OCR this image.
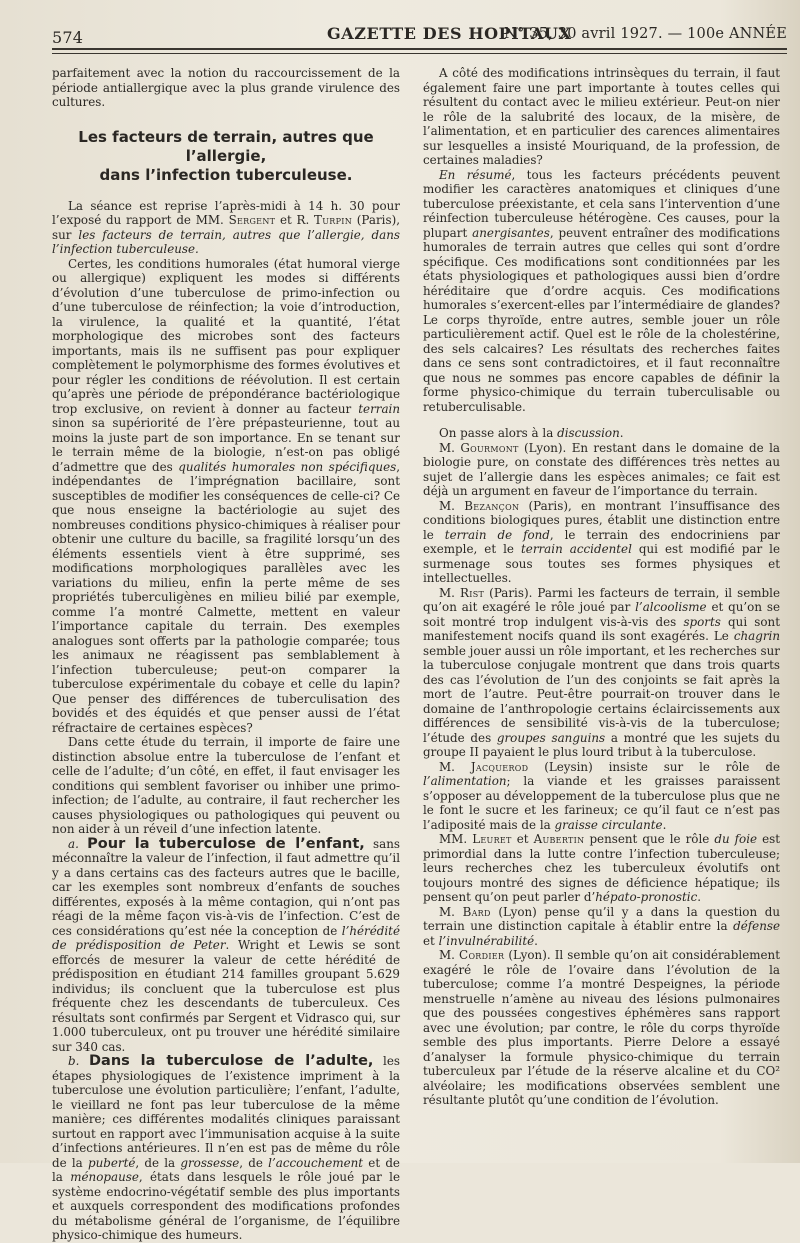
574	GAZETTE DES HOPITAUX
N° 35, 30 avril 1927. — 100e ANNÉE

parfaitement avec la notion du raccourcissement de la période antiallergique avec la plus grande virulence des cultures.

Les facteurs de terrain, autres que l’allergie,
dans l’infection tuberculeuse.

La séance est reprise l’après-midi à 14 h. 30 pour l’exposé du rapport de MM. Sergent et R. Turpin (Paris), sur les facteurs de terrain, autres que l’allergie, dans l’infection tuberculeuse.

Certes, les conditions humorales (état humoral vierge ou allergique) expliquent les modes si différents d’évolution d’une tuberculose de primo-infection ou d’une tuberculose de réinfection; la voie d’introduction, la virulence, la qualité et la quantité, l’état morphologique des microbes sont des facteurs importants, mais ils ne suffisent pas pour expliquer complètement le polymorphisme des formes évolutives et pour régler les conditions de réévolution. Il est certain qu’après une période de prépondérance bactériologique trop exclusive, on revient à donner au facteur terrain sinon sa supériorité de l’ère prépasteurienne, tout au moins la juste part de son importance. En se tenant sur le terrain même de la biologie, n’est-on pas obligé d’admettre que des qualités humorales non spécifiques, indépendantes de l’imprégnation bacillaire, sont susceptibles de modifier les conséquences de celle-ci? Ce que nous enseigne la bactériologie au sujet des nombreuses conditions physico-chimiques à réaliser pour obtenir une culture du bacille, sa fragilité lorsqu’un des éléments essentiels vient à être supprimé, ses modifications morphologiques parallèles avec les variations du milieu, enfin la perte même de ses propriétés tuberculigènes en milieu bilié par exemple, comme l’a montré Calmette, mettent en valeur l’importance capitale du terrain. Des exemples analogues sont offerts par la pathologie comparée; tous les animaux ne réagissent pas semblablement à l’infection tuberculeuse; peut-on comparer la tuberculose expérimentale du cobaye et celle du lapin? Que penser des différences de tuberculisation des bovidés et des équidés et que penser aussi de l’état réfractaire de certaines espèces?

Dans cette étude du terrain, il importe de faire une distinction absolue entre la tuberculose de l’enfant et celle de l’adulte; d’un côté, en effet, il faut envisager les conditions qui semblent favoriser ou inhiber une primo-infection; de l’adulte, au contraire, il faut rechercher les causes physiologiques ou pathologiques qui peuvent ou non aider à un réveil d’une infection latente.

a. Pour la tuberculose de l’enfant, sans méconnaître la valeur de l’infection, il faut admettre qu’il y a dans certains cas des facteurs autres que le bacille, car les exemples sont nombreux d’enfants de souches différentes, exposés à la même contagion, qui n’ont pas réagi de la même façon vis-à-vis de l’infection. C’est de ces considérations qu’est née la conception de l’hérédité de prédisposition de Peter. Wright et Lewis se sont efforcés de mesurer la valeur de cette hérédité de prédisposition en étudiant 214 familles groupant 5.629 individus; ils concluent que la tuberculose est plus fréquente chez les descendants de tuberculeux. Ces résultats sont confirmés par Sergent et Vidrasco qui, sur 1.000 tuberculeux, ont pu trouver une hérédité similaire sur 340 cas.

b. Dans la tuberculose de l’adulte, les étapes physiologiques de l’existence impriment à la tuberculose une évolution particulière; l’enfant, l’adulte, le vieillard ne font pas leur tuberculose de la même manière; ces différentes modalités cliniques paraissant surtout en rapport avec l’immunisation acquise à la suite d’infections antérieures. Il n’en est pas de même du rôle de la puberté, de la grossesse, de l’accouchement et de la ménopause, états dans lesquels le rôle joué par le système endocrino-végétatif semble des plus importants et auxquels correspondent des modifications profondes du métabolisme général de l’organisme, de l’équilibre physico-chimique des humeurs.

A côté des modifications intrinsèques du terrain, il faut également faire une part importante à toutes celles qui résultent du contact avec le milieu extérieur. Peut-on nier le rôle de la salubrité des locaux, de la misère, de l’alimentation, et en particulier des carences alimentaires sur lesquelles a insisté Mouriquand, de la profession, de certaines maladies?

En résumé, tous les facteurs précédents peuvent modifier les caractères anatomiques et cliniques d’une tuberculose préexistante, et cela sans l’intervention d’une réinfection tuberculeuse hétérogène. Ces causes, pour la plupart anergisantes, peuvent entraîner des modifications humorales de terrain autres que celles qui sont d’ordre spécifique. Ces modifications sont conditionnées par les états physiologiques et pathologiques aussi bien d’ordre héréditaire que d’ordre acquis. Ces modifications humorales s’exercent-elles par l’intermédiaire de glandes? Le corps thyroïde, entre autres, semble jouer un rôle particulièrement actif. Quel est le rôle de la cholestérine, des sels calcaires? Les résultats des recherches faites dans ce sens sont contradictoires, et il faut reconnaître que nous ne sommes pas encore capables de définir la forme physico-chimique du terrain tuberculisable ou retuberculisable.

On passe alors à la discussion.

M. Gourmont (Lyon). En restant dans le domaine de la biologie pure, on constate des différences très nettes au sujet de l’allergie dans les espèces animales; ce fait est déjà un argument en faveur de l’importance du terrain.

M. Bezançon (Paris), en montrant l’insuffisance des conditions biologiques pures, établit une distinction entre le terrain de fond, le terrain des endocriniens par exemple, et le terrain accidentel qui est modifié par le surmenage sous toutes ses formes physiques et intellectuelles.

M. Rist (Paris). Parmi les facteurs de terrain, il semble qu’on ait exagéré le rôle joué par l’alcoolisme et qu’on se soit montré trop indulgent vis-à-vis des sports qui sont manifestement nocifs quand ils sont exagérés. Le chagrin semble jouer aussi un rôle important, et les recherches sur la tuberculose conjugale montrent que dans trois quarts des cas l’évolution de l’un des conjoints se fait après la mort de l’autre. Peut-être pourrait-on trouver dans le domaine de l’anthropologie certains éclaircissements aux différences de sensibilité vis-à-vis de la tuberculose; l’étude des groupes sanguins a montré que les sujets du groupe II payaient le plus lourd tribut à la tuberculose.

M. Jacquerod (Leysin) insiste sur le rôle de l’alimentation; la viande et les graisses paraissent s’opposer au développement de la tuberculose plus que ne le font le sucre et les farineux; ce qu’il faut ce n’est pas l’adiposité mais de la graisse circulante.

MM. Leuret et Aubertin pensent que le rôle du foie est primordial dans la lutte contre l’infection tuberculeuse; leurs recherches chez les tuberculeux évolutifs ont toujours montré des signes de déficience hépatique; ils pensent qu’on peut parler d’hépato-pronostic.

M. Bard (Lyon) pense qu’il y a dans la question du terrain une distinction capitale à établir entre la défense et l’invulnérabilité.

M. Cordier (Lyon). Il semble qu’on ait considérablement exagéré le rôle de l’ovaire dans l’évolution de la tuberculose; comme l’a montré Despeignes, la période menstruelle n’amène au niveau des lésions pulmonaires que des poussées congestives éphémères sans rapport avec une évolution; par contre, le rôle du corps thyroïde semble des plus importants. Pierre Delore a essayé d’analyser la formule physico-chimique du terrain tuberculeux par l’étude de la réserve alcaline et du CO² alvéolaire; les modifications observées semblent une résultante plutôt qu’une condition de l’évolution.
